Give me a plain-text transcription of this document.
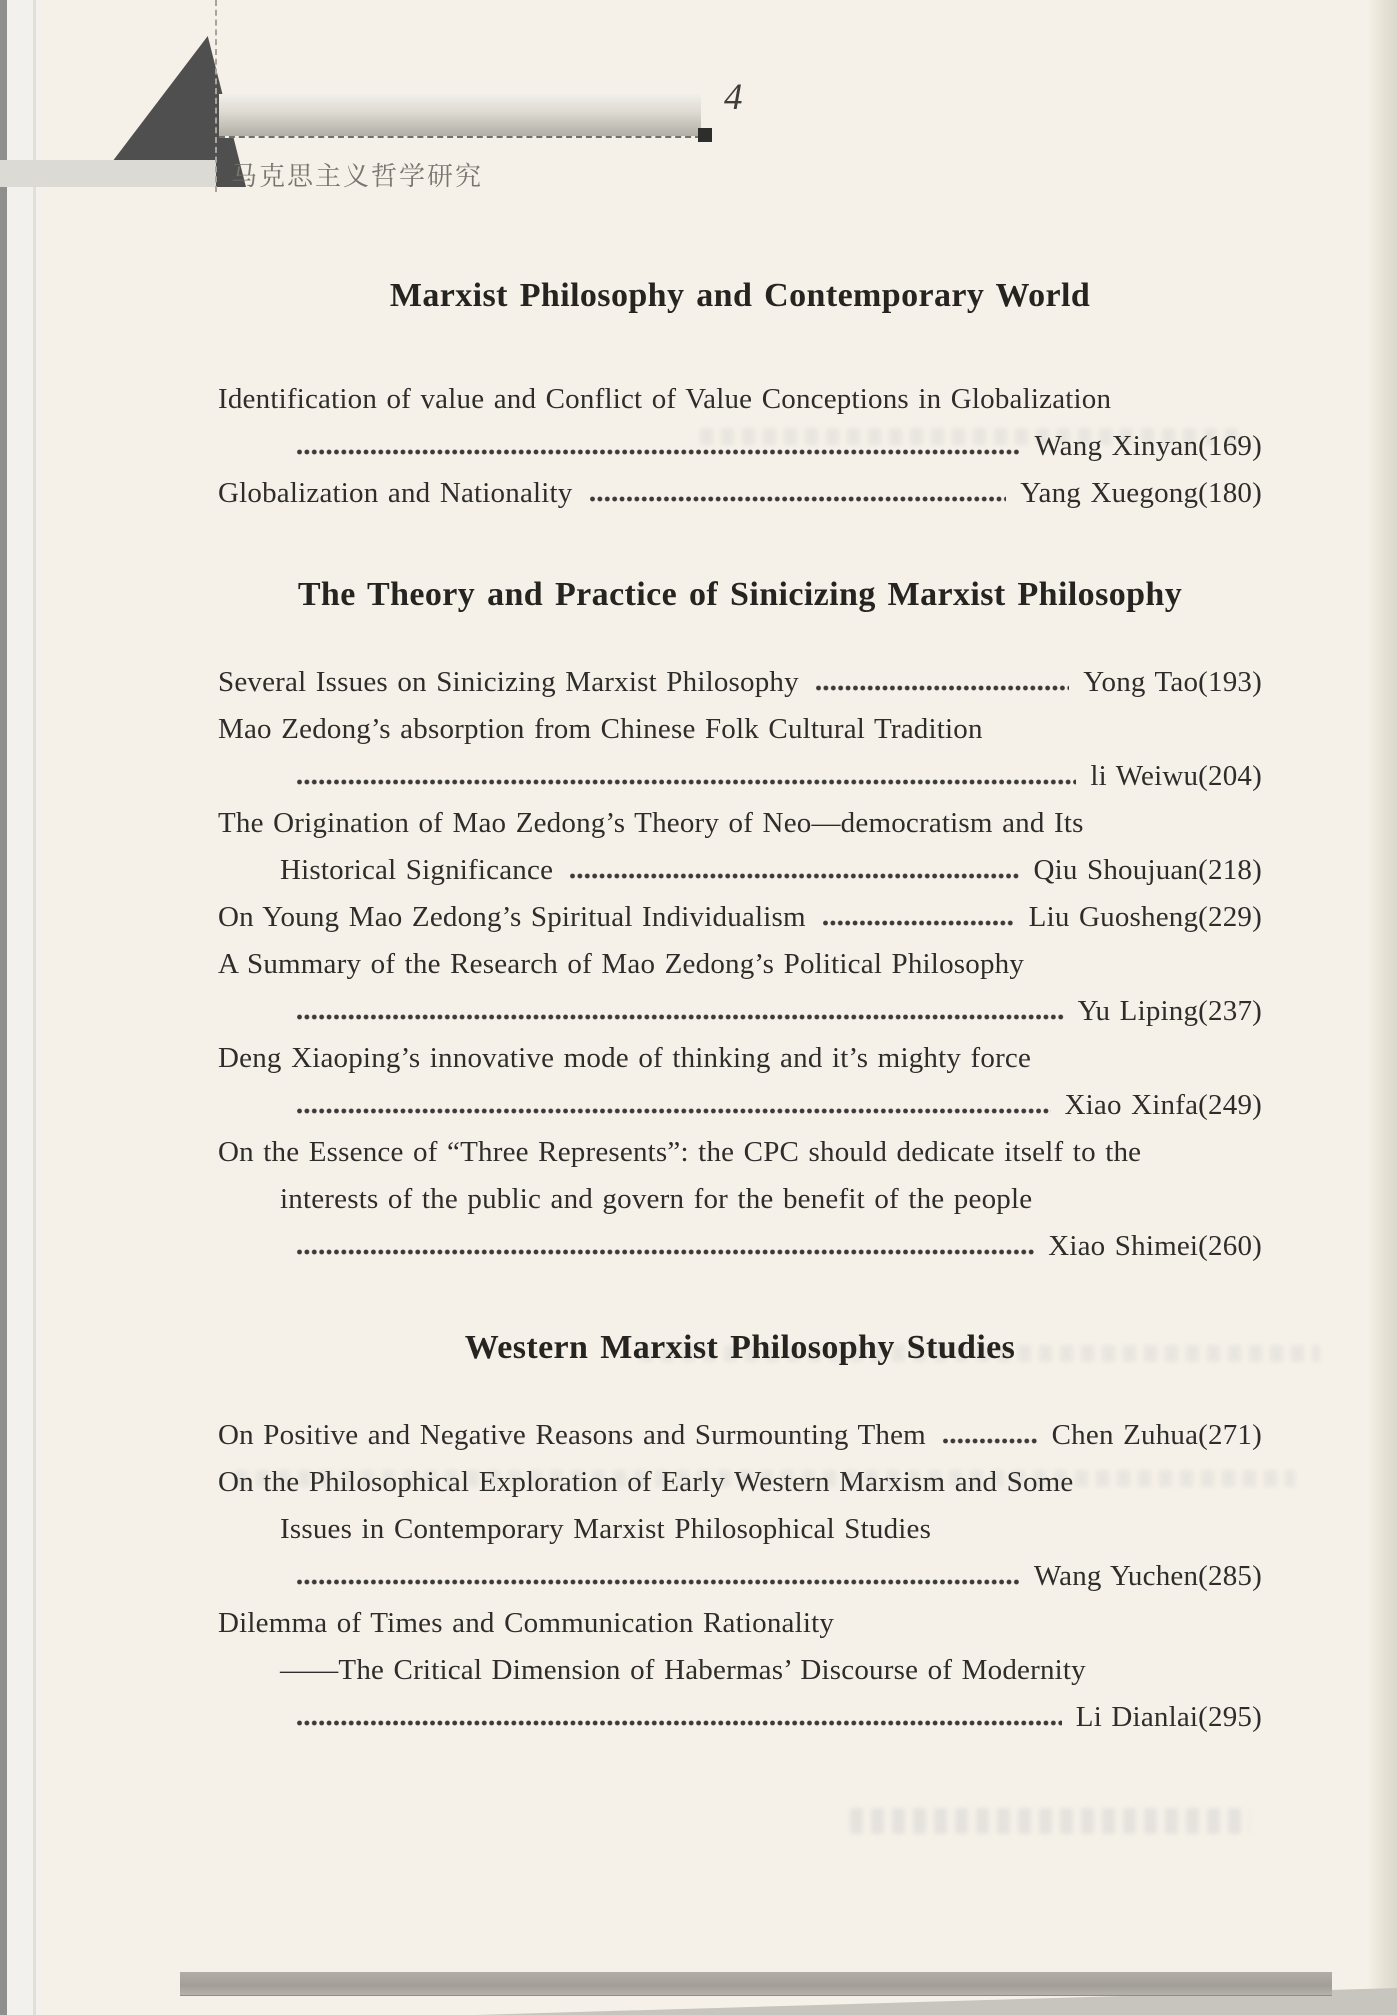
4
马克思主义哲学研究
Marxist Philosophy and Contemporary World
Identification of value and Conflict of Value Conceptions in Globalization
Wang Xinyan(169)
Globalization and Nationality	Yang Xuegong(180)
The Theory and Practice of Sinicizing Marxist Philosophy
Several Issues on Sinicizing Marxist Philosophy	Yong Tao(193)
Mao Zedong’s absorption from Chinese Folk Cultural Tradition
li Weiwu(204)
The Origination of Mao Zedong’s Theory of Neo—democratism and Its
Historical Significance	Qiu Shoujuan(218)
On Young Mao Zedong’s Spiritual Individualism	Liu Guosheng(229)
A Summary of the Research of Mao Zedong’s Political Philosophy
Yu Liping(237)
Deng Xiaoping’s innovative mode of thinking and it’s mighty force
Xiao Xinfa(249)
On the Essence of “Three Represents”: the CPC should dedicate itself to the
interests of the public and govern for the benefit of the people
Xiao Shimei(260)
Western Marxist Philosophy Studies
On Positive and Negative Reasons and Surmounting Them	Chen Zuhua(271)
On the Philosophical Exploration of Early Western Marxism and Some
Issues in Contemporary Marxist Philosophical Studies
Wang Yuchen(285)
Dilemma of Times and Communication Rationality
——The Critical Dimension of Habermas’ Discourse of Modernity
Li Dianlai(295)
